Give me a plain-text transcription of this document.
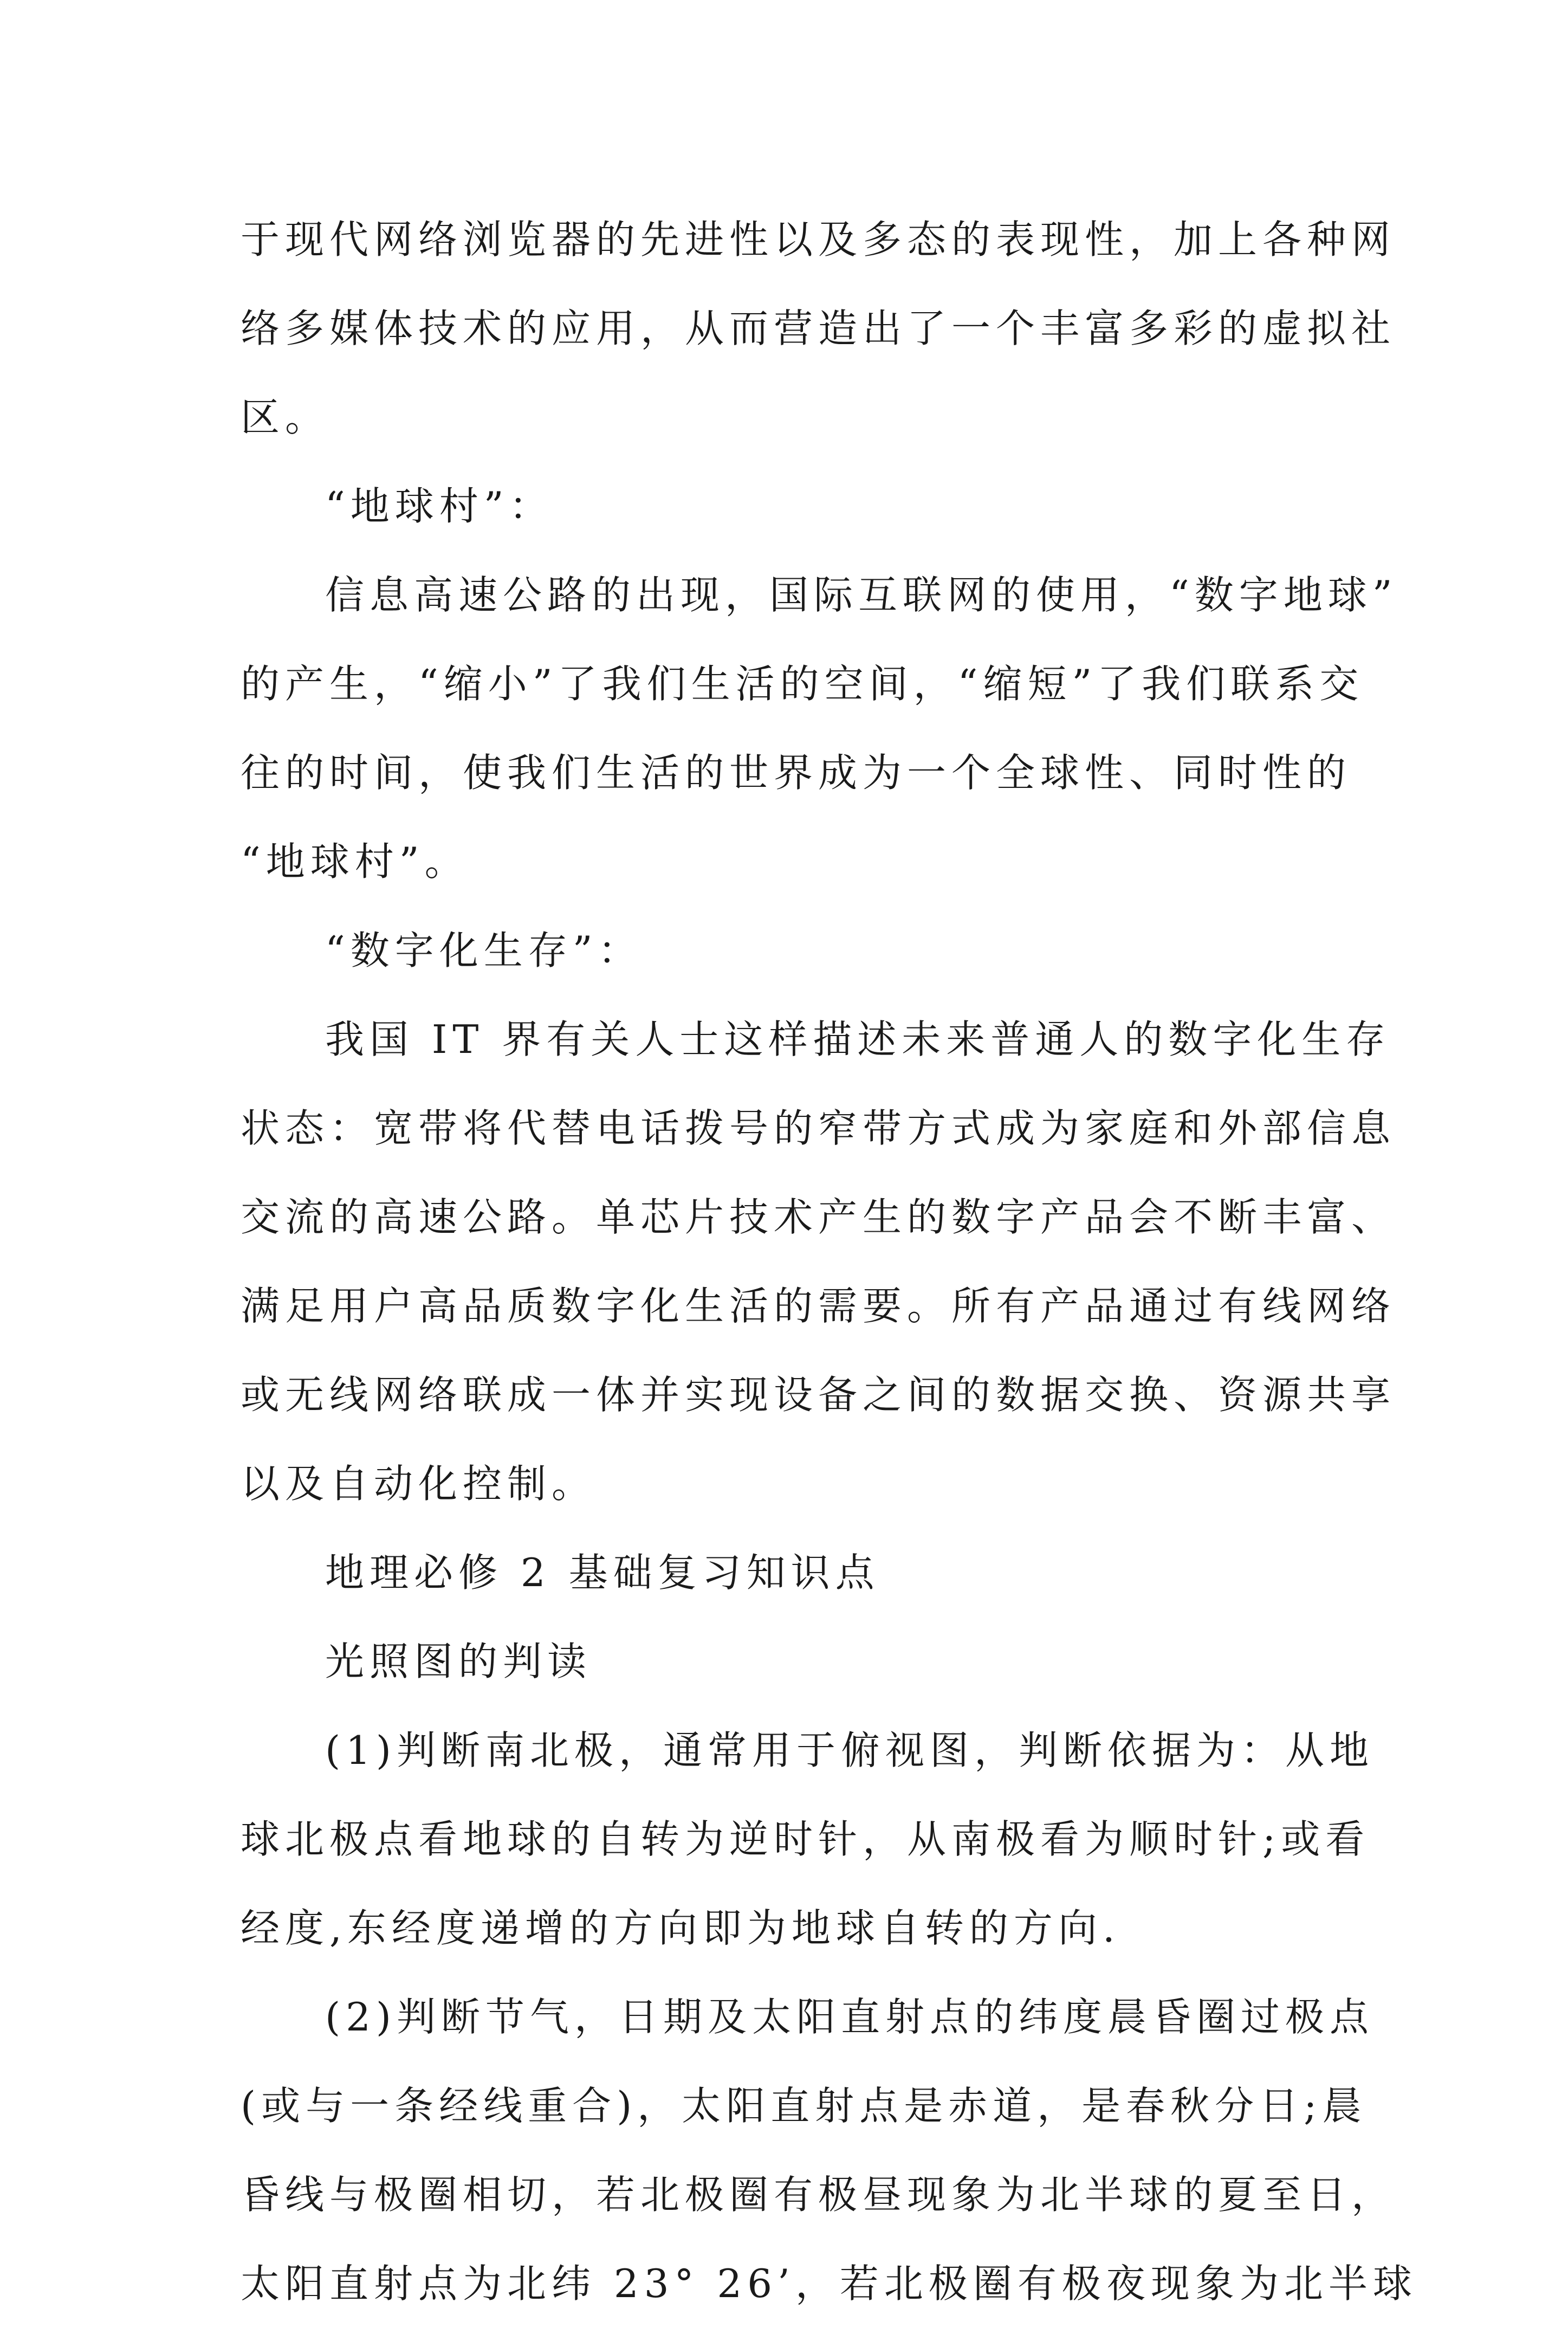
于现代网络浏览器的先进性以及多态的表现性，加上各种网
络多媒体技术的应用，从而营造出了一个丰富多彩的虚拟社
区。
“地球村”：
信息高速公路的出现，国际互联网的使用，“数字地球”
的产生，“缩小”了我们生活的空间，“缩短”了我们联系交
往的时间，使我们生活的世界成为一个全球性、同时性的
“地球村”。
“数字化生存”：
我国 IT 界有关人士这样描述未来普通人的数字化生存
状态：宽带将代替电话拨号的窄带方式成为家庭和外部信息
交流的高速公路。单芯片技术产生的数字产品会不断丰富、
满足用户高品质数字化生活的需要。所有产品通过有线网络
或无线网络联成一体并实现设备之间的数据交换、资源共享
以及自动化控制。
地理必修 2 基础复习知识点
光照图的判读
(1)判断南北极，通常用于俯视图，判断依据为：从地
球北极点看地球的自转为逆时针，从南极看为顺时针;或看
经度,东经度递增的方向即为地球自转的方向.
(2)判断节气，日期及太阳直射点的纬度晨昏圈过极点
(或与一条经线重合)，太阳直射点是赤道，是春秋分日;晨
昏线与极圈相切，若北极圈有极昼现象为北半球的夏至日，
太阳直射点为北纬 23° 26’，若北极圈有极夜现象为北半球
